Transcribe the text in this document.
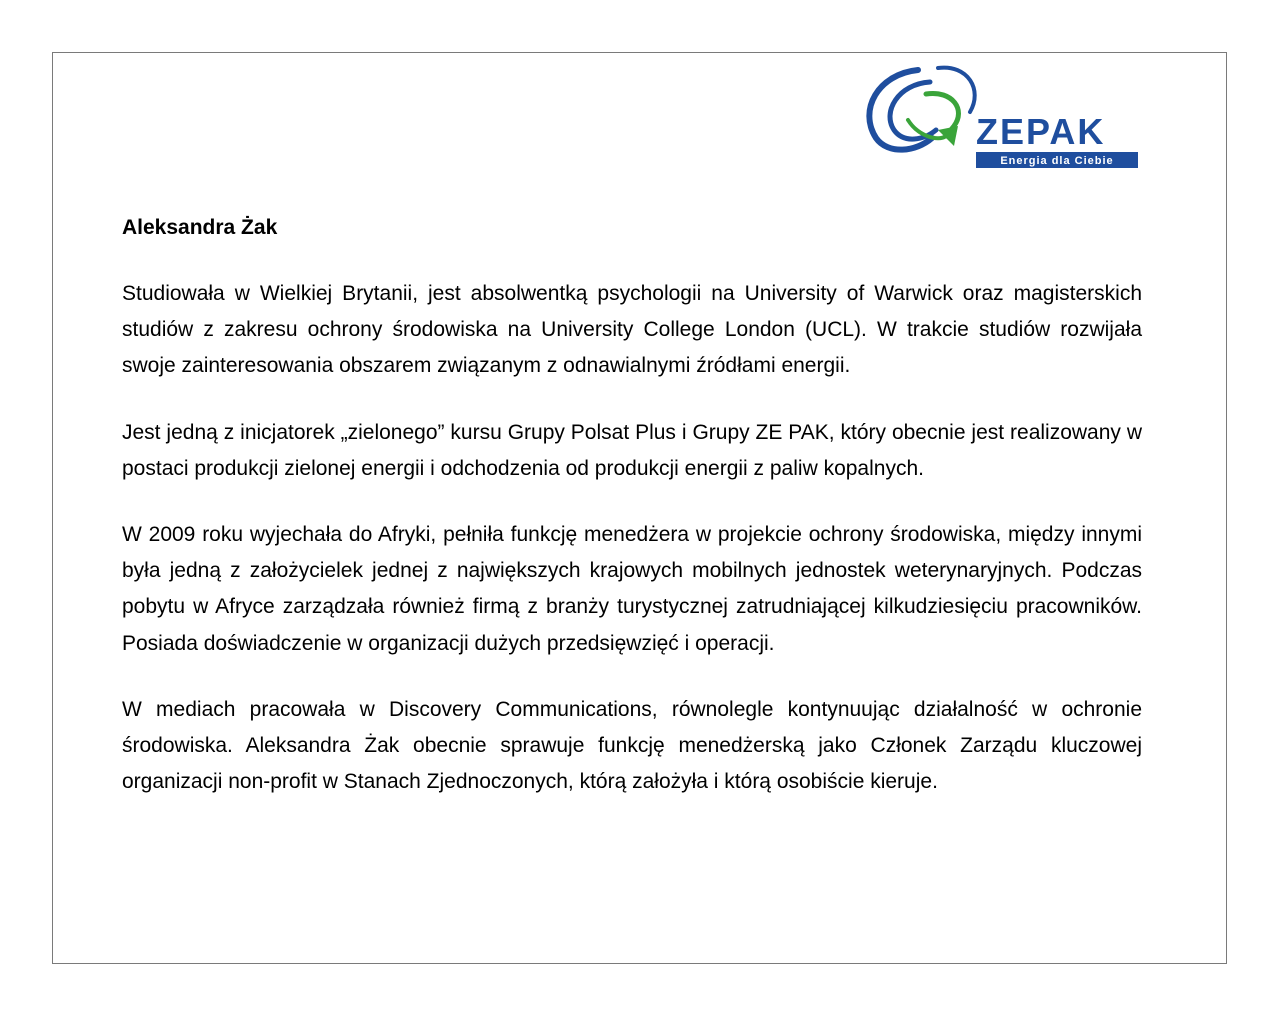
ZEPAK
Energia dla Ciebie
Aleksandra Żak

Studiowała w Wielkiej Brytanii, jest absolwentką psychologii na University of Warwick oraz magisterskich studiów z zakresu ochrony środowiska na University College London (UCL). W trakcie studiów rozwijała swoje zainteresowania obszarem związanym z odnawialnymi źródłami energii.

Jest jedną z inicjatorek „zielonego” kursu Grupy Polsat Plus i Grupy ZE PAK, który obecnie jest realizowany w postaci produkcji zielonej energii i odchodzenia od produkcji energii z paliw kopalnych.

W 2009 roku wyjechała do Afryki, pełniła funkcję menedżera w projekcie ochrony środowiska, między innymi była jedną z założycielek jednej z największych krajowych mobilnych jednostek weterynaryjnych. Podczas pobytu w Afryce zarządzała również firmą z branży turystycznej zatrudniającej kilkudziesięciu pracowników. Posiada doświadczenie w organizacji dużych przedsięwzięć i operacji.

W mediach pracowała w Discovery Communications, równolegle kontynuując działalność w ochronie środowiska. Aleksandra Żak obecnie sprawuje funkcję menedżerską jako Członek Zarządu kluczowej organizacji non-profit w Stanach Zjednoczonych, którą założyła i którą osobiście kieruje.
